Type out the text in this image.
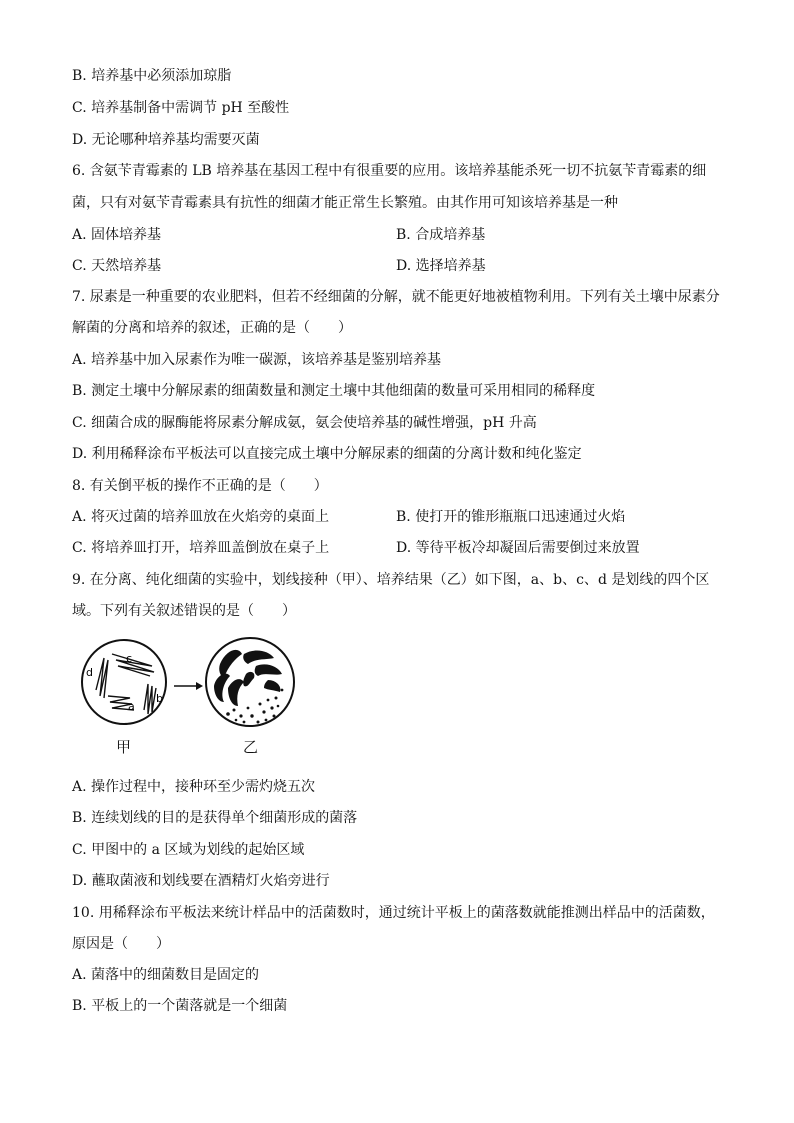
B. 培养基中必须添加琼脂
C. 培养基制备中需调节 pH 至酸性
D. 无论哪种培养基均需要灭菌
6. 含氨苄青霉素的 LB 培养基在基因工程中有很重要的应用。该培养基能杀死一切不抗氨苄青霉素的细
菌，只有对氨苄青霉素具有抗性的细菌才能正常生长繁殖。由其作用可知该培养基是一种
7. 尿素是一种重要的农业肥料，但若不经细菌的分解，就不能更好地被植物利用。下列有关土壤中尿素分
解菌的分离和培养的叙述，正确的是（　　）
A. 培养基中加入尿素作为唯一碳源，该培养基是鉴别培养基
B. 测定土壤中分解尿素的细菌数量和测定土壤中其他细菌的数量可采用相同的稀释度
C. 细菌合成的脲酶能将尿素分解成氨，氨会使培养基的碱性增强，pH 升高
D. 利用稀释涂布平板法可以直接完成土壤中分解尿素的细菌的分离计数和纯化鉴定
8. 有关倒平板的操作不正确的是（　　）
9. 在分离、纯化细菌的实验中，划线接种（甲）、培养结果（乙）如下图，a、b、c、d 是划线的四个区
域。下列有关叙述错误的是（　　）
A. 操作过程中，接种环至少需灼烧五次
B. 连续划线的目的是获得单个细菌形成的菌落
C. 甲图中的 a 区域为划线的起始区域
D. 蘸取菌液和划线要在酒精灯火焰旁进行
10. 用稀释涂布平板法来统计样品中的活菌数时，通过统计平板上的菌落数就能推测出样品中的活菌数，
原因是（　　）
A. 菌落中的细菌数目是固定的
B. 平板上的一个菌落就是一个细菌
A. 固体培养基	B. 合成培养基
C. 天然培养基	D. 选择培养基
A. 将灭过菌的培养皿放在火焰旁的桌面上	B. 使打开的锥形瓶瓶口迅速通过火焰
C. 将培养皿打开，培养皿盖倒放在桌子上	D. 等待平板冷却凝固后需要倒过来放置
c
d
b
a
甲	乙
